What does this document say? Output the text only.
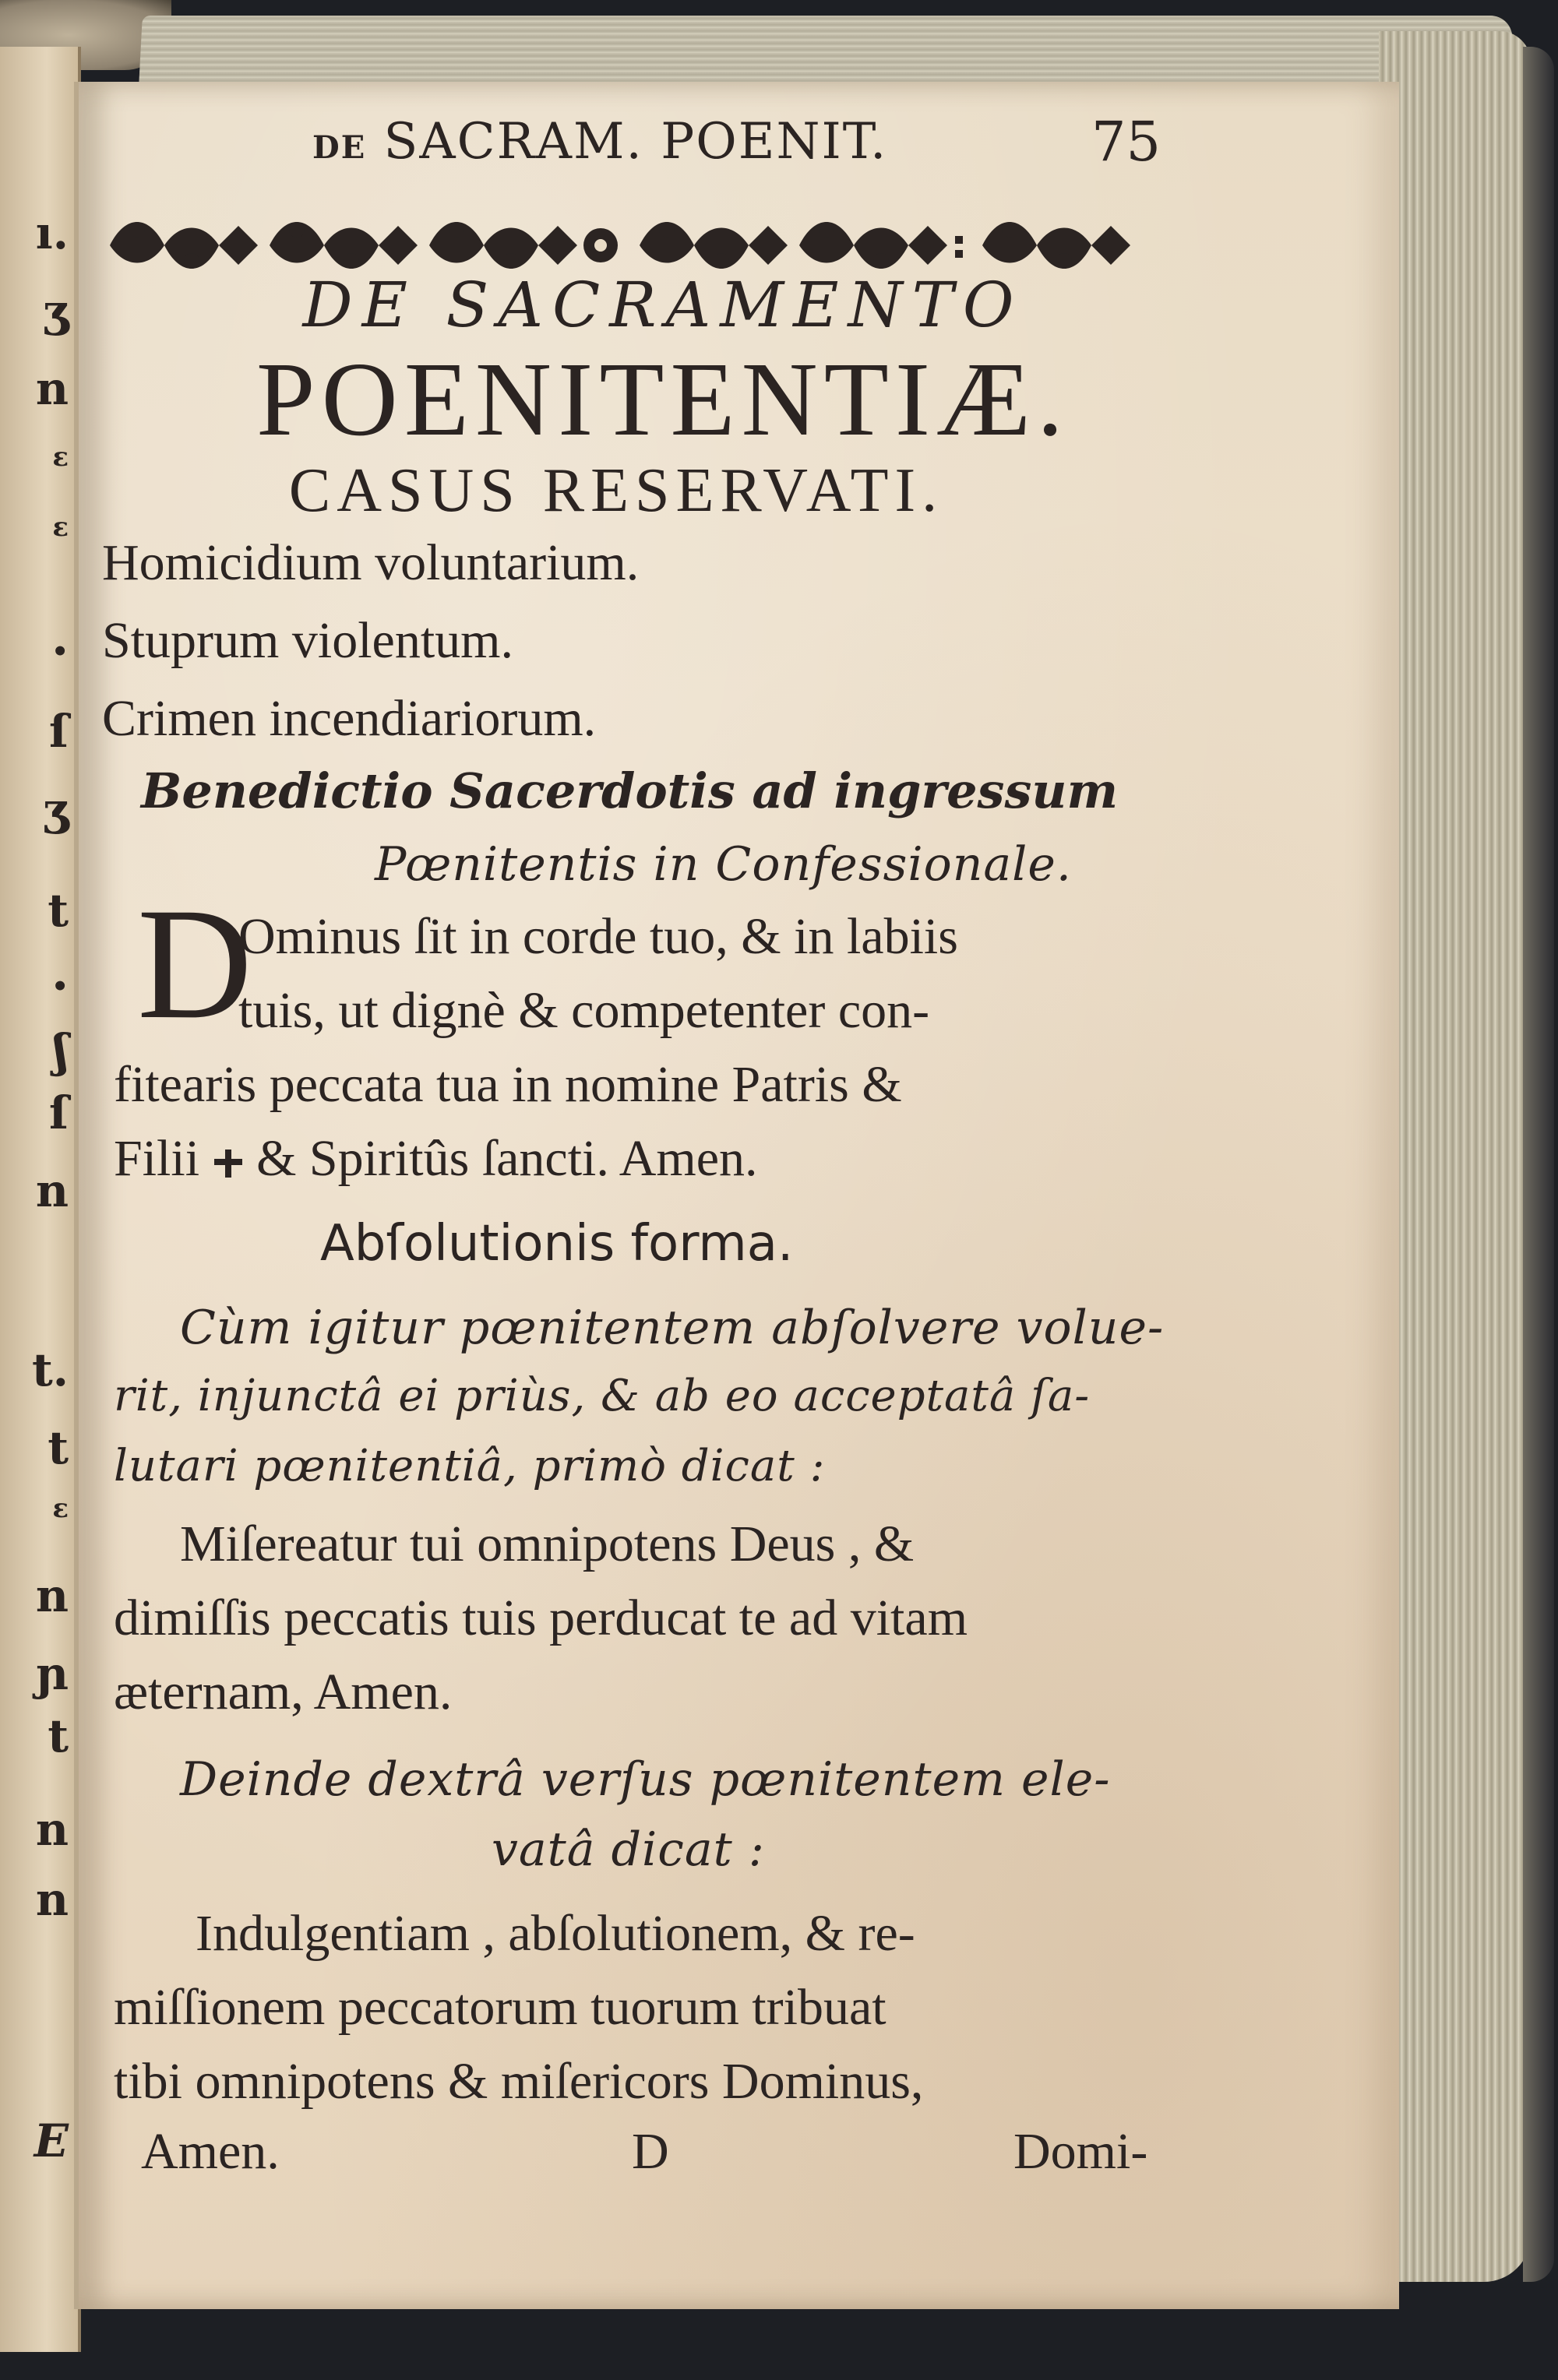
ı.
ʒ
n
ɛ
ɛ
•
ſ
ʒ
t
•
ʃ
ſ
n
t.
t
ɛ
n
ɲ
t
n
n
E
DE SACRAM. POENIT.	75
DE SACRAMENTO
POENITENTIÆ.
CASUS RESERVATI.
Homicidium voluntarium.
Stuprum violentum.
Crimen incendiariorum.
Benedictio Sacerdotis ad ingressum
Pœnitentis in Confessionale.
D
Ominus ſit in corde tuo, & in labiis
tuis, ut dignè & competenter con-
fitearis peccata tua in nomine Patris &
Filii & Spiritûs ſancti. Amen.
Abſolutionis forma.
Cùm igitur pœnitentem abſolvere volue-
rit, injunctâ ei priùs, & ab eo acceptatâ ſa-
lutari pœnitentiâ, primò dicat :
Miſereatur tui omnipotens Deus , &
dimiſſis peccatis tuis perducat te ad vitam
æternam, Amen.
Deinde dextrâ verſus pœnitentem ele-
vatâ dicat :
Indulgentiam , abſolutionem, & re-
miſſionem peccatorum tuorum tribuat
tibi omnipotens & miſericors Dominus,
Amen.	D	Domi-
